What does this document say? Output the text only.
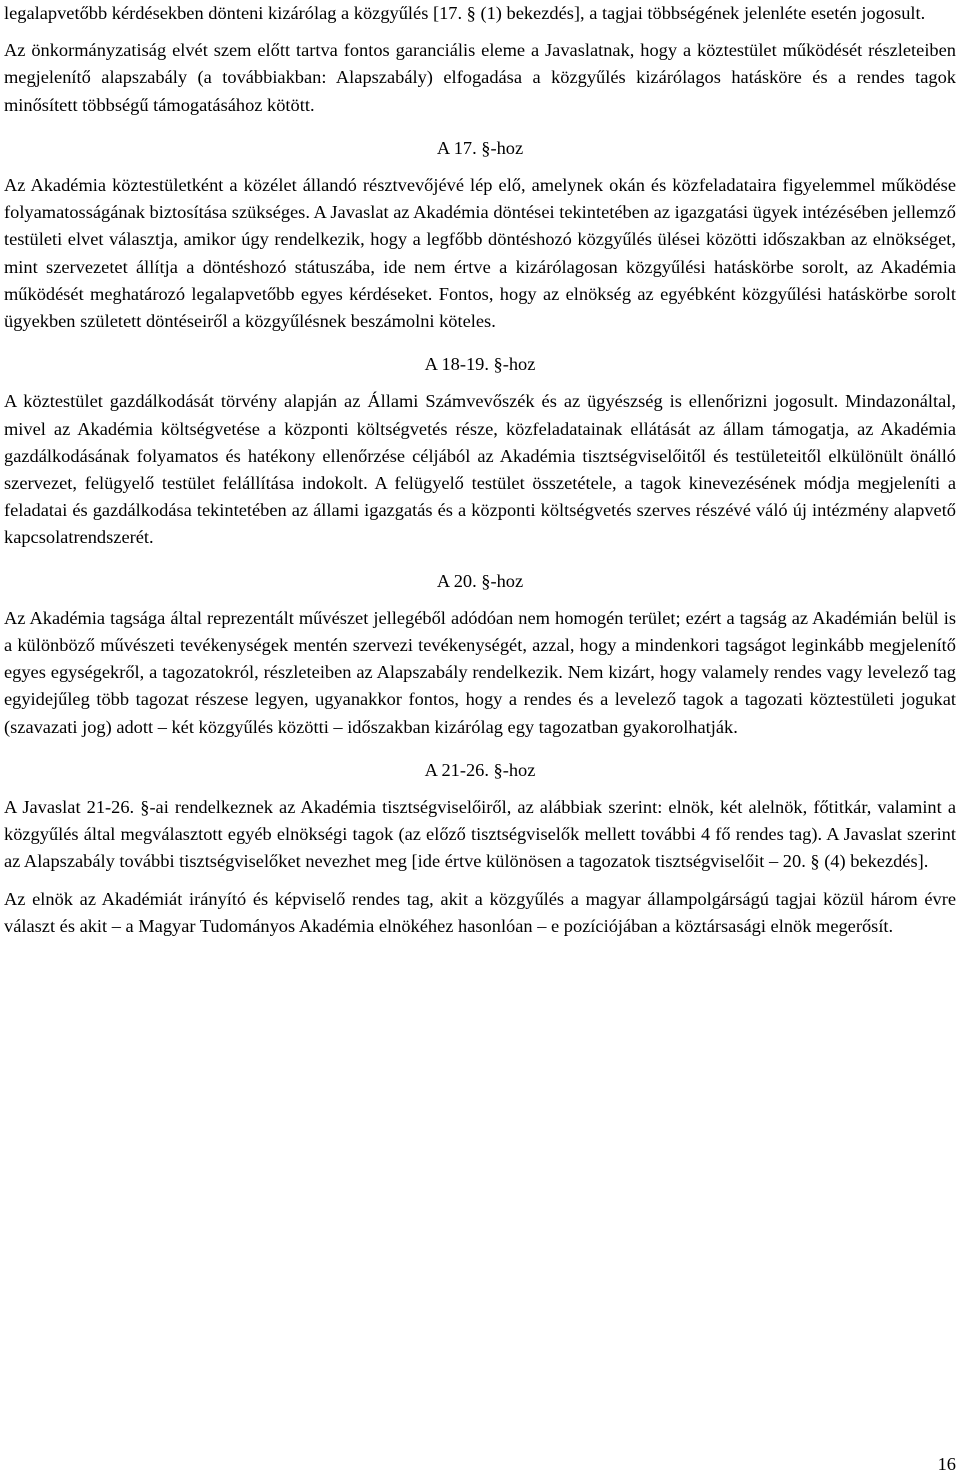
legalapvetőbb kérdésekben dönteni kizárólag a közgyűlés [17. § (1) bekezdés], a tagjai többségének jelenléte esetén jogosult.

Az önkormányzatiság elvét szem előtt tartva fontos garanciális eleme a Javaslatnak, hogy a köztestület működését részleteiben megjelenítő alapszabály (a továbbiakban: Alapszabály) elfogadása a közgyűlés kizárólagos hatásköre és a rendes tagok minősített többségű támogatásához kötött.

A 17. §-hoz

Az Akadémia köztestületként a közélet állandó résztvevőjévé lép elő, amelynek okán és közfeladataira figyelemmel működése folyamatosságának biztosítása szükséges. A Javaslat az Akadémia döntései tekintetében az igazgatási ügyek intézésében jellemző testületi elvet választja, amikor úgy rendelkezik, hogy a legfőbb döntéshozó közgyűlés ülései közötti időszakban az elnökséget, mint szervezetet állítja a döntéshozó státuszába, ide nem értve a kizárólagosan közgyűlési hatáskörbe sorolt, az Akadémia működését meghatározó legalapvetőbb egyes kérdéseket. Fontos, hogy az elnökség az egyébként közgyűlési hatáskörbe sorolt ügyekben született döntéseiről a közgyűlésnek beszámolni köteles.

A 18-19. §-hoz

A köztestület gazdálkodását törvény alapján az Állami Számvevőszék és az ügyészség is ellenőrizni jogosult. Mindazonáltal, mivel az Akadémia költségvetése a központi költségvetés része, közfeladatainak ellátását az állam támogatja, az Akadémia gazdálkodásának folyamatos és hatékony ellenőrzése céljából az Akadémia tisztségviselőitől és testületeitől elkülönült önálló szervezet, felügyelő testület felállítása indokolt. A felügyelő testület összetétele, a tagok kinevezésének módja megjeleníti a feladatai és gazdálkodása tekintetében az állami igazgatás és a központi költségvetés szerves részévé váló új intézmény alapvető kapcsolatrendszerét.

A 20. §-hoz

Az Akadémia tagsága által reprezentált művészet jellegéből adódóan nem homogén terület; ezért a tagság az Akadémián belül is a különböző művészeti tevékenységek mentén szervezi tevékenységét, azzal, hogy a mindenkori tagságot leginkább megjelenítő egyes egységekről, a tagozatokról, részleteiben az Alapszabály rendelkezik. Nem kizárt, hogy valamely rendes vagy levelező tag egyidejűleg több tagozat részese legyen, ugyanakkor fontos, hogy a rendes és a levelező tagok a tagozati köztestületi jogukat (szavazati jog) adott – két közgyűlés közötti – időszakban kizárólag egy tagozatban gyakorolhatják.

A 21-26. §-hoz

A Javaslat 21-26. §-ai rendelkeznek az Akadémia tisztségviselőiről, az alábbiak szerint: elnök, két alelnök, főtitkár, valamint a közgyűlés által megválasztott egyéb elnökségi tagok (az előző tisztségviselők mellett további 4 fő rendes tag). A Javaslat szerint az Alapszabály további tisztségviselőket nevezhet meg [ide értve különösen a tagozatok tisztségviselőit – 20. § (4) bekezdés].

Az elnök az Akadémiát irányító és képviselő rendes tag, akit a közgyűlés a magyar állampolgárságú tagjai közül három évre választ és akit – a Magyar Tudományos Akadémia elnökéhez hasonlóan – e pozíciójában a köztársasági elnök megerősít.

16
